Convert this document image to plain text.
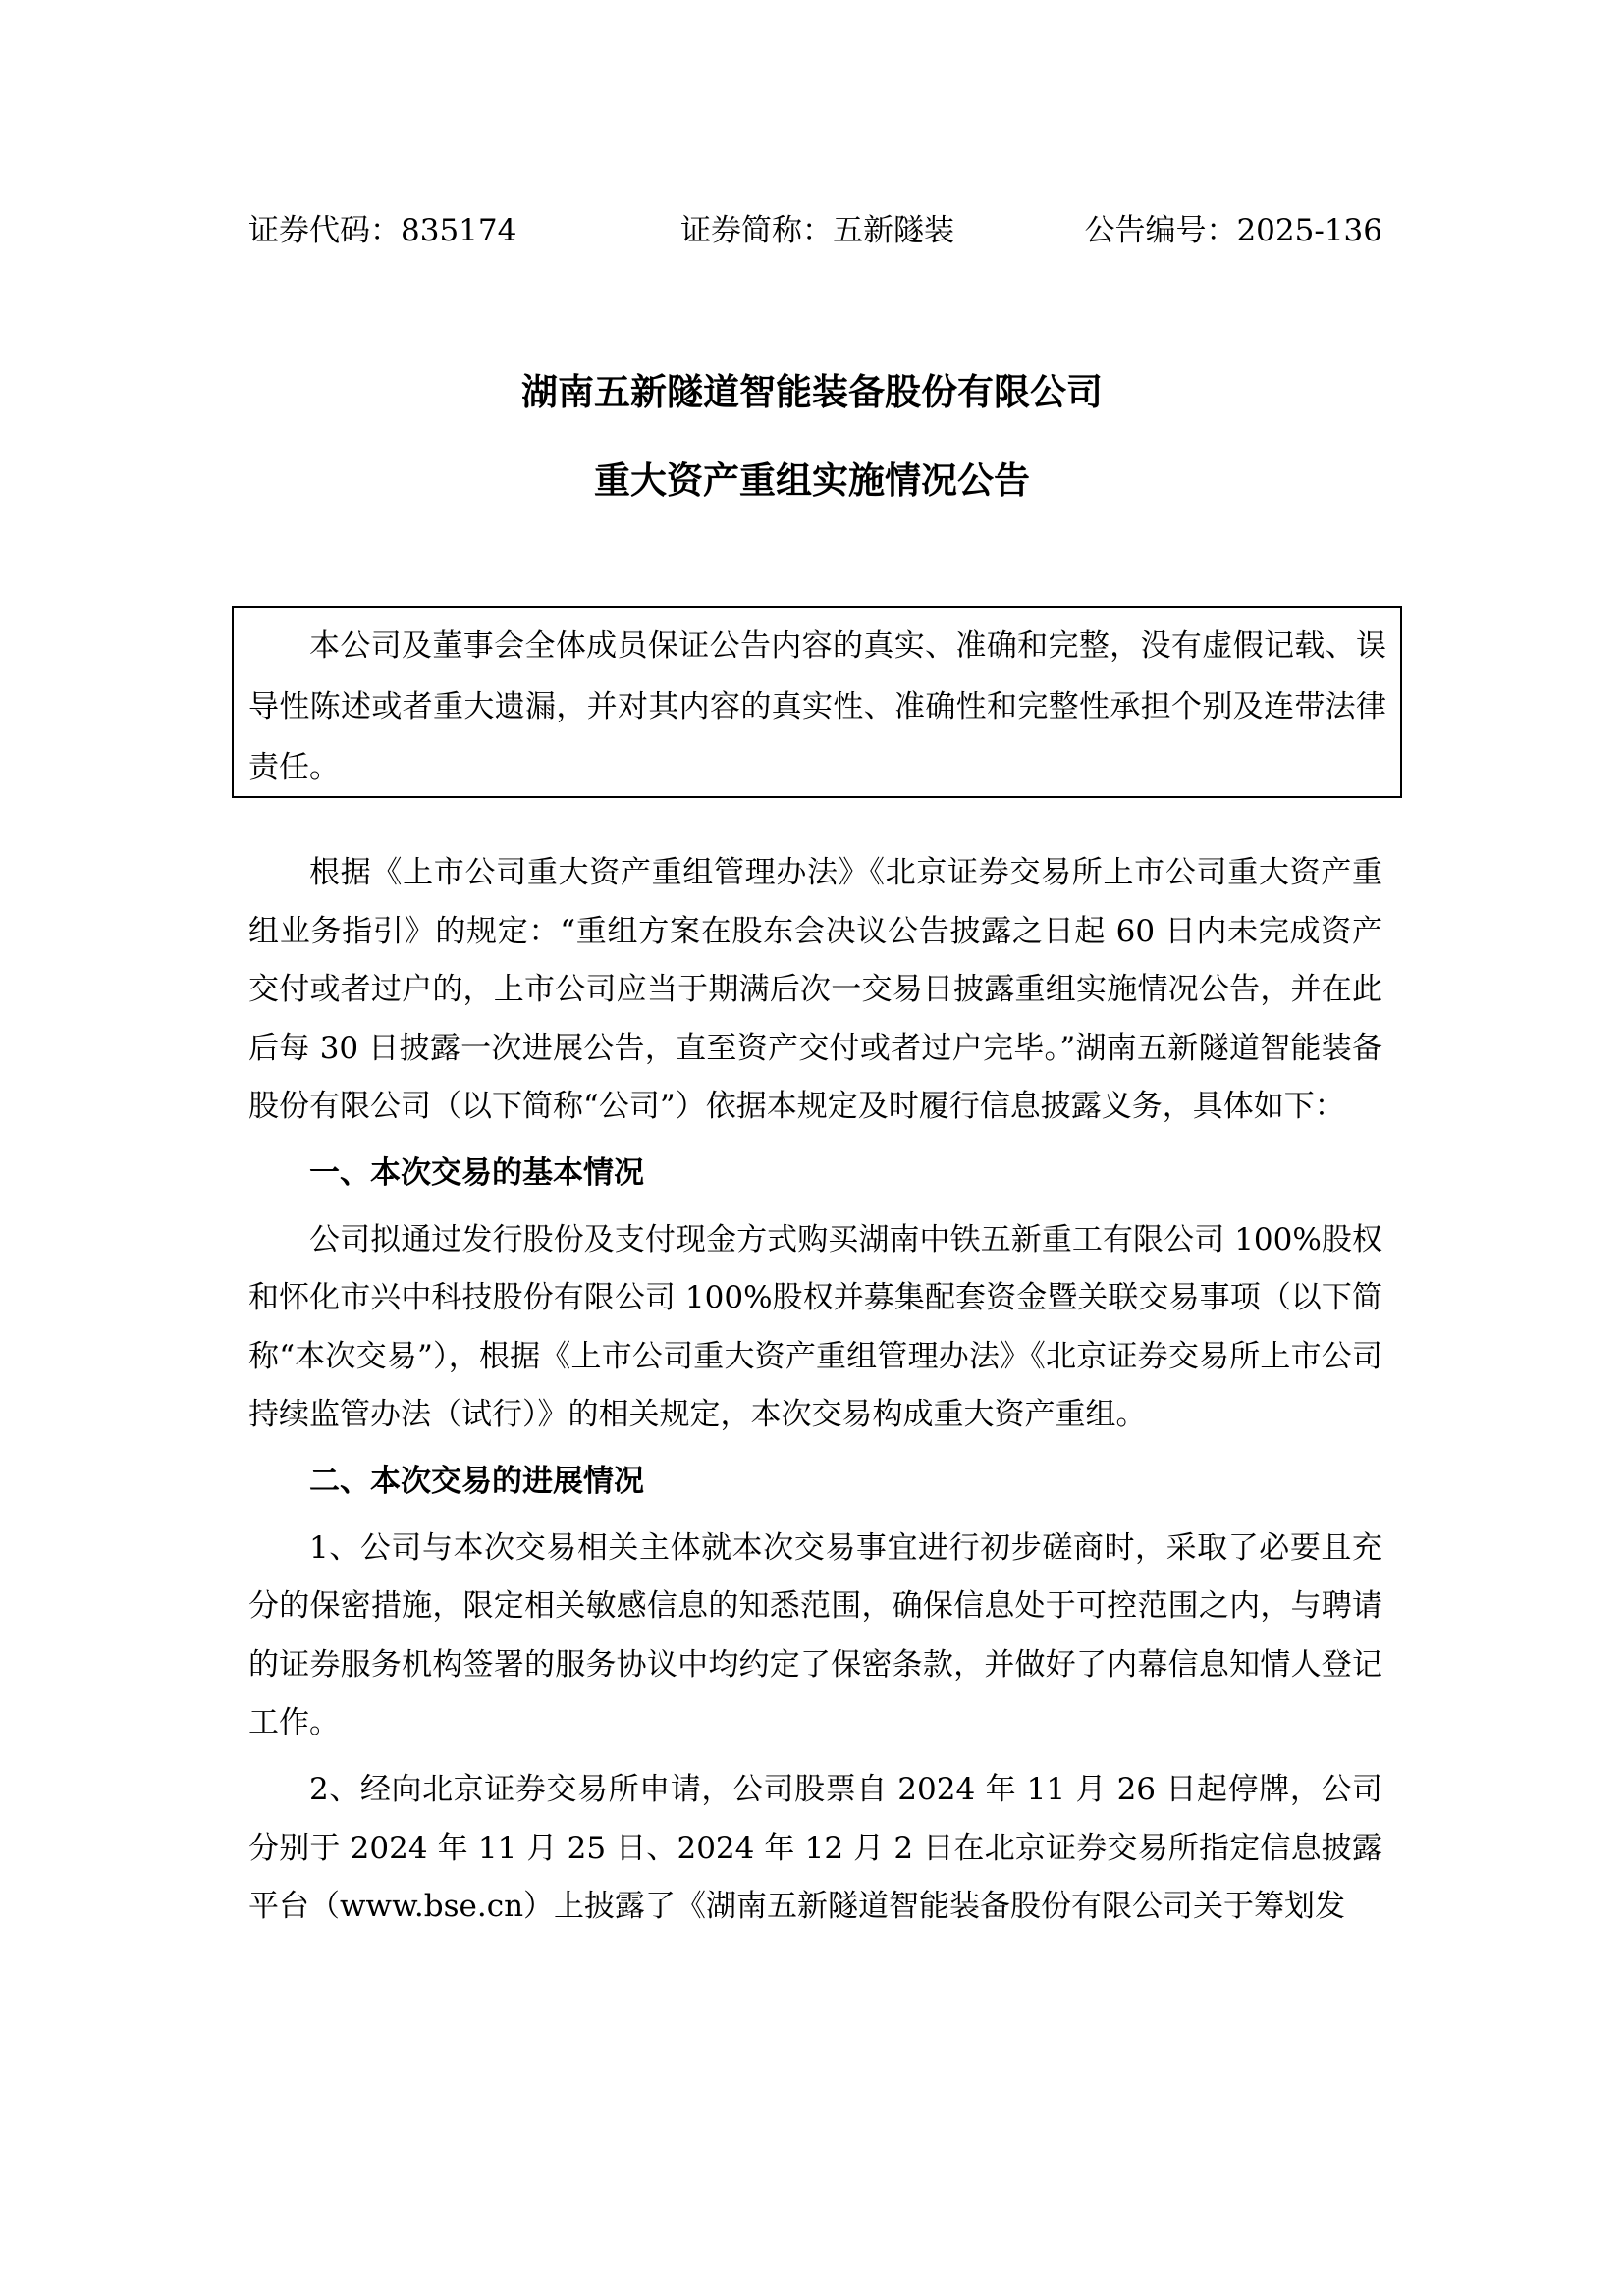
证券代码：835174	证券简称：五新隧装	公告编号：2025-136
湖南五新隧道智能装备股份有限公司
重大资产重组实施情况公告
本公司及董事会全体成员保证公告内容的真实、准确和完整，没有虚假记载、误导性陈述或者重大遗漏，并对其内容的真实性、准确性和完整性承担个别及连带法律责任。

根据《上市公司重大资产重组管理办法》《北京证券交易所上市公司重大资产重组业务指引》的规定：“重组方案在股东会决议公告披露之日起 60 日内未完成资产交付或者过户的，上市公司应当于期满后次一交易日披露重组实施情况公告，并在此后每 30 日披露一次进展公告，直至资产交付或者过户完毕。”湖南五新隧道智能装备股份有限公司（以下简称“公司”）依据本规定及时履行信息披露义务，具体如下：

一、本次交易的基本情况

公司拟通过发行股份及支付现金方式购买湖南中铁五新重工有限公司 100%股权和怀化市兴中科技股份有限公司 100%股权并募集配套资金暨关联交易事项（以下简称“本次交易”），根据《上市公司重大资产重组管理办法》《北京证券交易所上市公司持续监管办法（试行）》的相关规定，本次交易构成重大资产重组。

二、本次交易的进展情况

1、公司与本次交易相关主体就本次交易事宜进行初步磋商时，采取了必要且充分的保密措施，限定相关敏感信息的知悉范围，确保信息处于可控范围之内，与聘请的证券服务机构签署的服务协议中均约定了保密条款，并做好了内幕信息知情人登记工作。

2、经向北京证券交易所申请，公司股票自 2024 年 11 月 26 日起停牌，公司分别于 2024 年 11 月 25 日、2024 年 12 月 2 日在北京证券交易所指定信息披露平台（www.bse.cn）上披露了《湖南五新隧道智能装备股份有限公司关于筹划发
